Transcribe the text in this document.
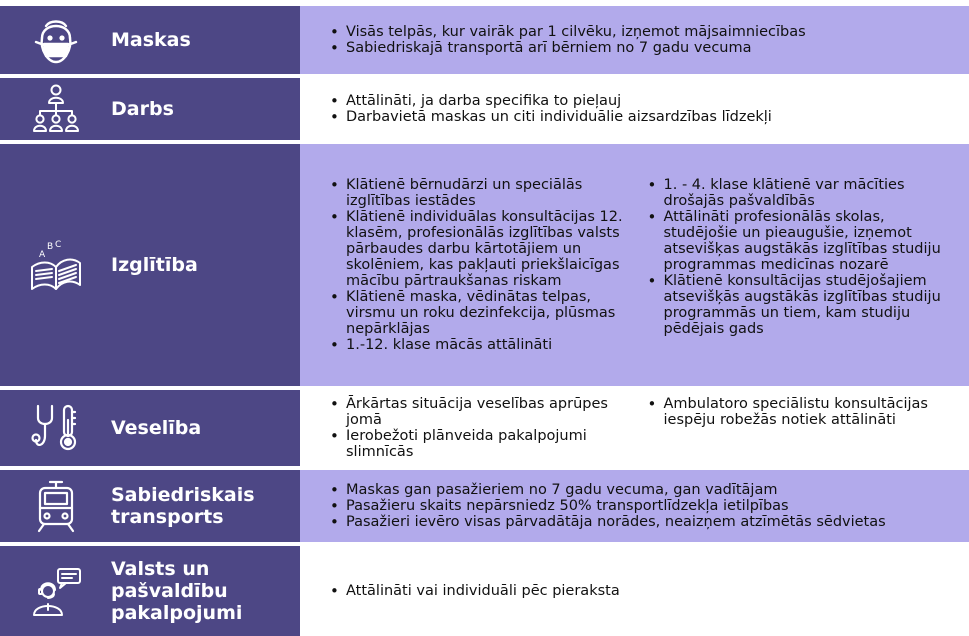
Maskas	• Visās telpās, kur vairāk par 1 cilvēku, izņemot mājsaimniecības
• Sabiedriskajā transportā arī bērniem no 7 gadu vecuma
Darbs	• Attālināti, ja darba specifika to pieļauj
• Darbavietā maskas un citi individuālie aizsardzības līdzekļi
A
B C
Izglītība
• Klātienē bērnudārzi un speciālās izglītības iestādes
• Klātienē individuālas konsultācijas 12. klasēm, profesionālās izglītības valsts pārbaudes darbu kārtotājiem un skolēniem, kas pakļauti priekšlaicīgas mācību pārtraukšanas riskam
• Klātienē maska, vēdinātas telpas, virsmu un roku dezinfekcija, plūsmas nepārklājas
• 1.-12. klase mācās attālināti
• 1. - 4. klase klātienē var mācīties drošajās pašvaldībās
• Attālināti profesionālās skolas, studējošie un pieaugušie, izņemot atsevišķas augstākās izglītības studiju programmas medicīnas nozarē
• Klātienē konsultācijas studējošajiem atsevišķās augstākās izglītības studiju programmās un tiem, kam studiju pēdējais gads
Veselība
• Ārkārtas situācija veselības aprūpes jomā
• Ierobežoti plānveida pakalpojumi slimnīcās
• Ambulatoro speciālistu konsultācijas iespēju robežās notiek attālināti
Sabiedriskais transports
• Maskas gan pasažieriem no 7 gadu vecuma, gan vadītājam
• Pasažieru skaits nepārsniedz 50% transportlīdzekļa ietilpības
• Pasažieri ievēro visas pārvadātāja norādes, neaizņem atzīmētās sēdvietas
Valsts un pašvaldību pakalpojumi
• Attālināti vai individuāli pēc pieraksta
